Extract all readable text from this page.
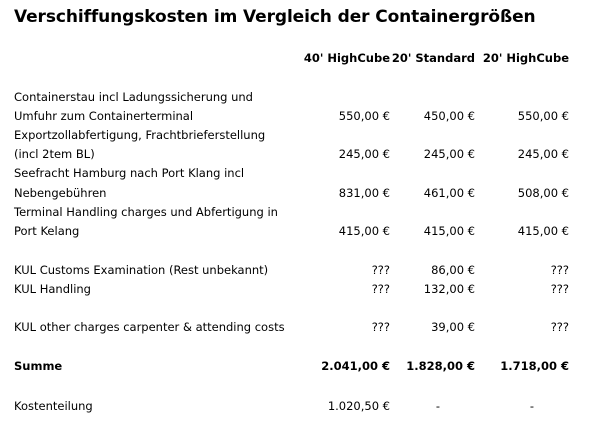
Verschiffungskosten im Vergleich der Containergrößen
40' HighCube 20' Standard 20' HighCube
Containerstau incl Ladungssicherung und
Umfuhr zum Containerterminal	550,00 €	450,00 €	550,00 €
Exportzollabfertigung, Frachtbrieferstellung
(incl 2tem BL)	245,00 €	245,00 €	245,00 €
Seefracht Hamburg nach Port Klang incl
Nebengebühren	831,00 €	461,00 €	508,00 €
Terminal Handling charges und Abfertigung in
Port Kelang	415,00 €	415,00 €	415,00 €
KUL Customs Examination (Rest unbekannt)	???	86,00 €	???
KUL Handling	???	132,00 €	???
KUL other charges carpenter & attending costs	???	39,00 €	???
Summe	2.041,00 € 1.828,00 € 1.718,00 €
Kostenteilung	1.020,50 €	-	-
